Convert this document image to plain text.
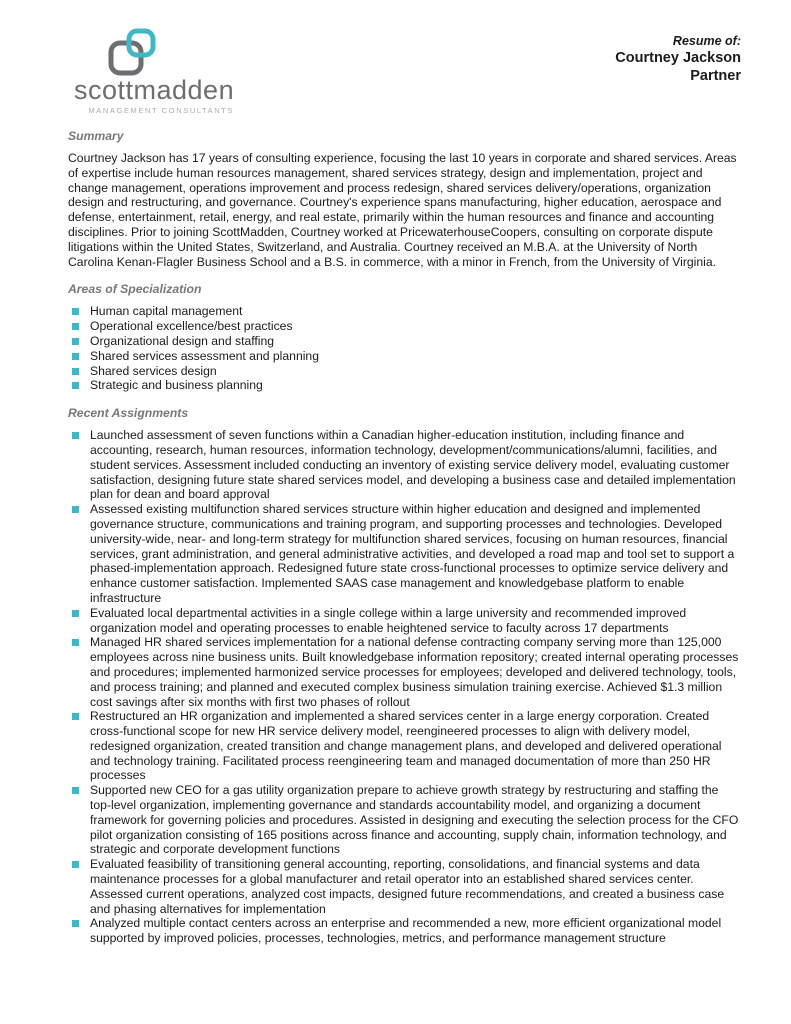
scottmadden
MANAGEMENT CONSULTANTS
Resume of:
Courtney Jackson
Partner
Summary

Courtney Jackson has 17 years of consulting experience, focusing the last 10 years in corporate and shared services. Areas of expertise include human resources management, shared services strategy, design and implementation, project and change management, operations improvement and process redesign, shared services delivery/operations, organization design and restructuring, and governance. Courtney's experience spans manufacturing, higher education, aerospace and defense, entertainment, retail, energy, and real estate, primarily within the human resources and finance and accounting disciplines. Prior to joining ScottMadden, Courtney worked at PricewaterhouseCoopers, consulting on corporate dispute litigations within the United States, Switzerland, and Australia. Courtney received an M.B.A. at the University of North Carolina Kenan-Flagler Business School and a B.S. in commerce, with a minor in French, from the University of Virginia.

Areas of Specialization
Human capital management
Operational excellence/best practices
Organizational design and staffing
Shared services assessment and planning
Shared services design
Strategic and business planning
Recent Assignments
Launched assessment of seven functions within a Canadian higher-education institution, including finance and accounting, research, human resources, information technology, development/communications/alumni, facilities, and student services. Assessment included conducting an inventory of existing service delivery model, evaluating customer satisfaction, designing future state shared services model, and developing a business case and detailed implementation plan for dean and board approval
Assessed existing multifunction shared services structure within higher education and designed and implemented governance structure, communications and training program, and supporting processes and technologies. Developed university-wide, near- and long-term strategy for multifunction shared services, focusing on human resources, financial services, grant administration, and general administrative activities, and developed a road map and tool set to support a phased-implementation approach. Redesigned future state cross-functional processes to optimize service delivery and enhance customer satisfaction. Implemented SAAS case management and knowledgebase platform to enable infrastructure
Evaluated local departmental activities in a single college within a large university and recommended improved organization model and operating processes to enable heightened service to faculty across 17 departments
Managed HR shared services implementation for a national defense contracting company serving more than 125,000 employees across nine business units. Built knowledgebase information repository; created internal operating processes and procedures; implemented harmonized service processes for employees; developed and delivered technology, tools, and process training; and planned and executed complex business simulation training exercise. Achieved $1.3 million cost savings after six months with first two phases of rollout
Restructured an HR organization and implemented a shared services center in a large energy corporation. Created cross-functional scope for new HR service delivery model, reengineered processes to align with delivery model, redesigned organization, created transition and change management plans, and developed and delivered operational and technology training. Facilitated process reengineering team and managed documentation of more than 250 HR processes
Supported new CEO for a gas utility organization prepare to achieve growth strategy by restructuring and staffing the top-level organization, implementing governance and standards accountability model, and organizing a document framework for governing policies and procedures. Assisted in designing and executing the selection process for the CFO pilot organization consisting of 165 positions across finance and accounting, supply chain, information technology, and strategic and corporate development functions
Evaluated feasibility of transitioning general accounting, reporting, consolidations, and financial systems and data maintenance processes for a global manufacturer and retail operator into an established shared services center. Assessed current operations, analyzed cost impacts, designed future recommendations, and created a business case and phasing alternatives for implementation
Analyzed multiple contact centers across an enterprise and recommended a new, more efficient organizational model supported by improved policies, processes, technologies, metrics, and performance management structure
